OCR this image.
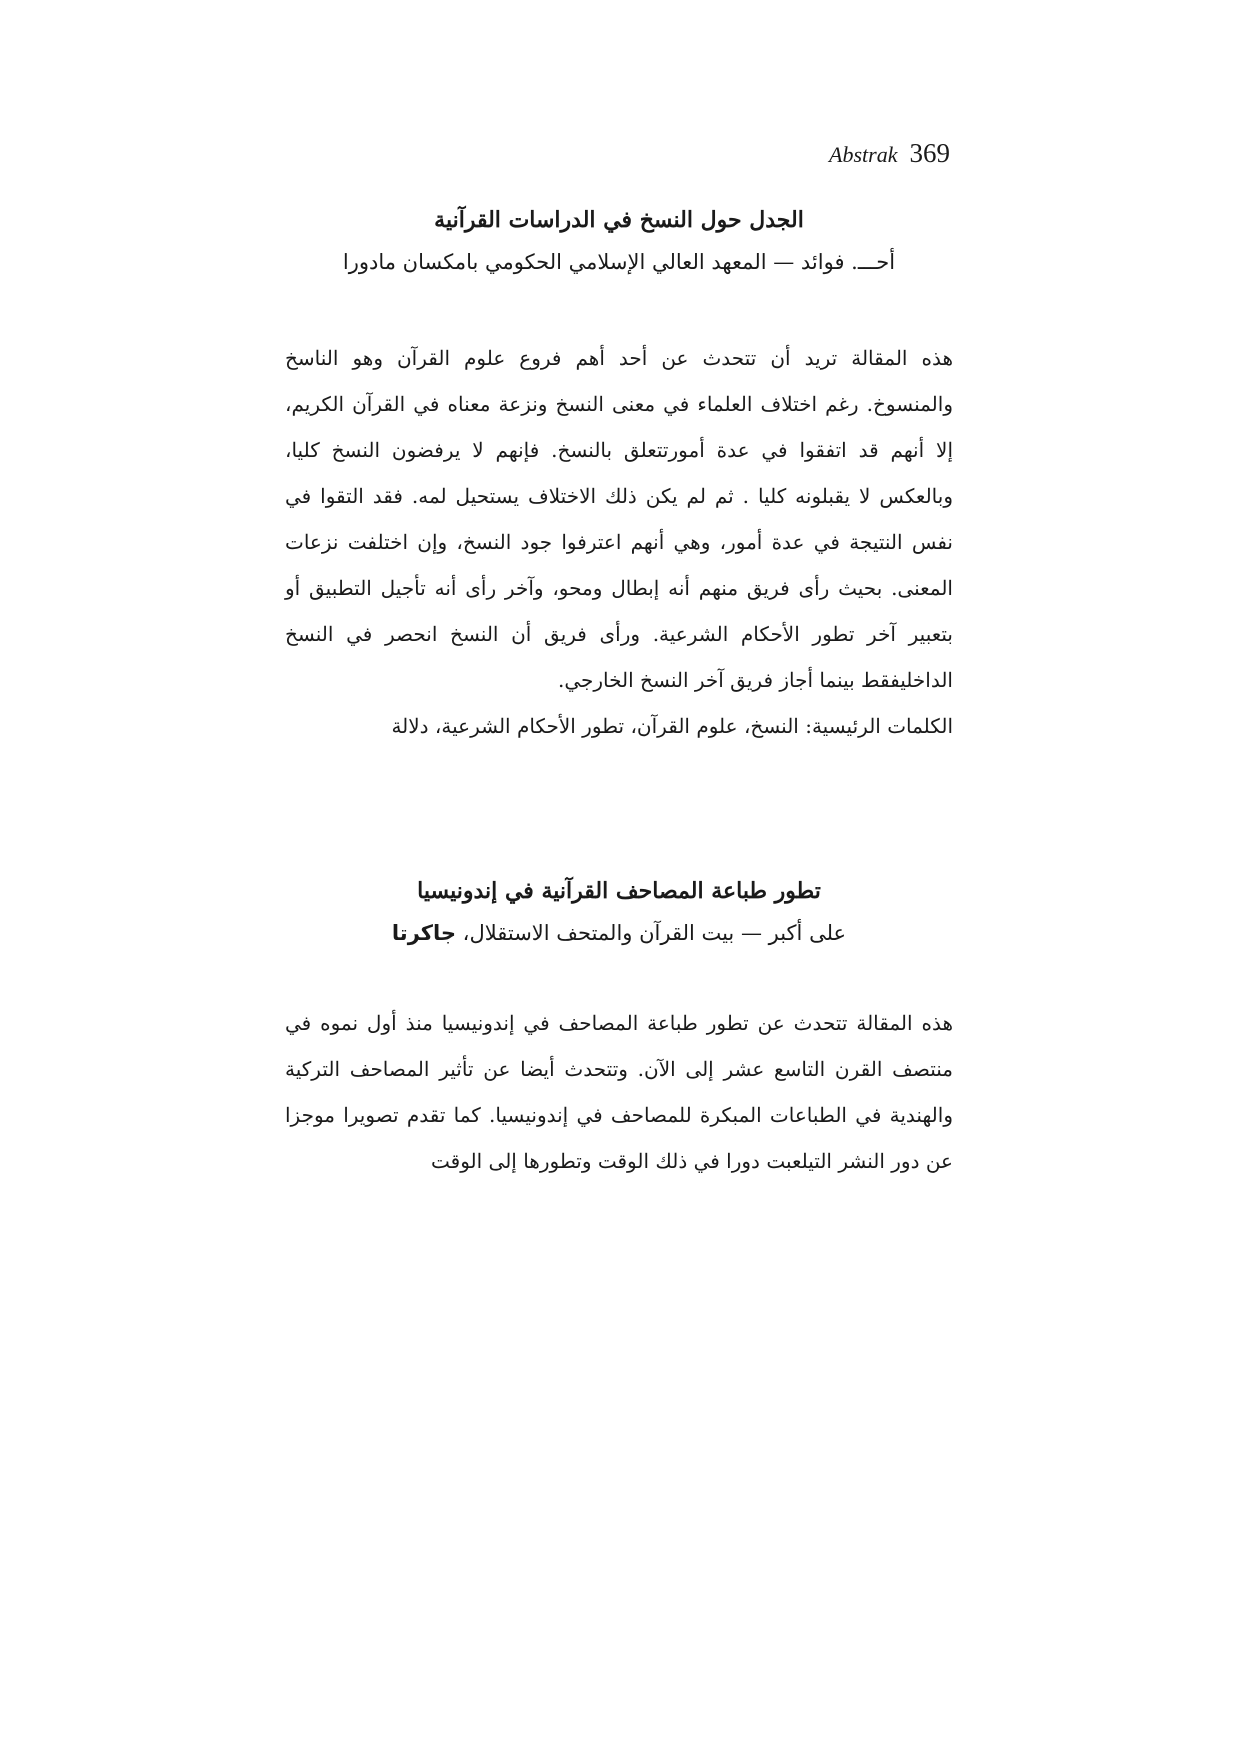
Abstrak 369
الجدل حول النسخ في الدراسات القرآنية

أحـــ. فوائد — المعهد العالي الإسلامي الحكومي بامكسان مادورا

هذه المقالة تريد أن تتحدث عن أحد أهم فروع علوم القرآن وهو الناسخ والمنسوخ. رغم اختلاف العلماء في معنى النسخ ونزعة معناه في القرآن الكريم، إلا أنهم قد اتفقوا في عدة أمورتتعلق بالنسخ. فإنهم لا يرفضون النسخ كليا، وبالعكس لا يقبلونه كليا . ثم لم يكن ذلك الاختلاف يستحيل لمه. فقد التقوا في نفس النتيجة في عدة أمور، وهي أنهم اعترفوا جود النسخ، وإن اختلفت نزعات المعنى. بحيث رأى فريق منهم أنه إبطال ومحو، وآخر رأى أنه تأجيل التطبيق أو بتعبير آخر تطور الأحكام الشرعية. ورأى فريق أن النسخ انحصر في النسخ الداخليفقط بينما أجاز فريق آخر النسخ الخارجي.

الكلمات الرئيسية: النسخ، علوم القرآن، تطور الأحكام الشرعية، دلالة

تطور طباعة المصاحف القرآنية في إندونيسيا

على أكبر — بيت القرآن والمتحف الاستقلال، جاكرتا

هذه المقالة تتحدث عن تطور طباعة المصاحف في إندونيسيا منذ أول نموه في منتصف القرن التاسع عشر إلى الآن. وتتحدث أيضا عن تأثير المصاحف التركية والهندية في الطباعات المبكرة للمصاحف في إندونيسيا. كما تقدم تصويرا موجزا عن دور النشر التيلعبت دورا في ذلك الوقت وتطورها إلى الوقت
